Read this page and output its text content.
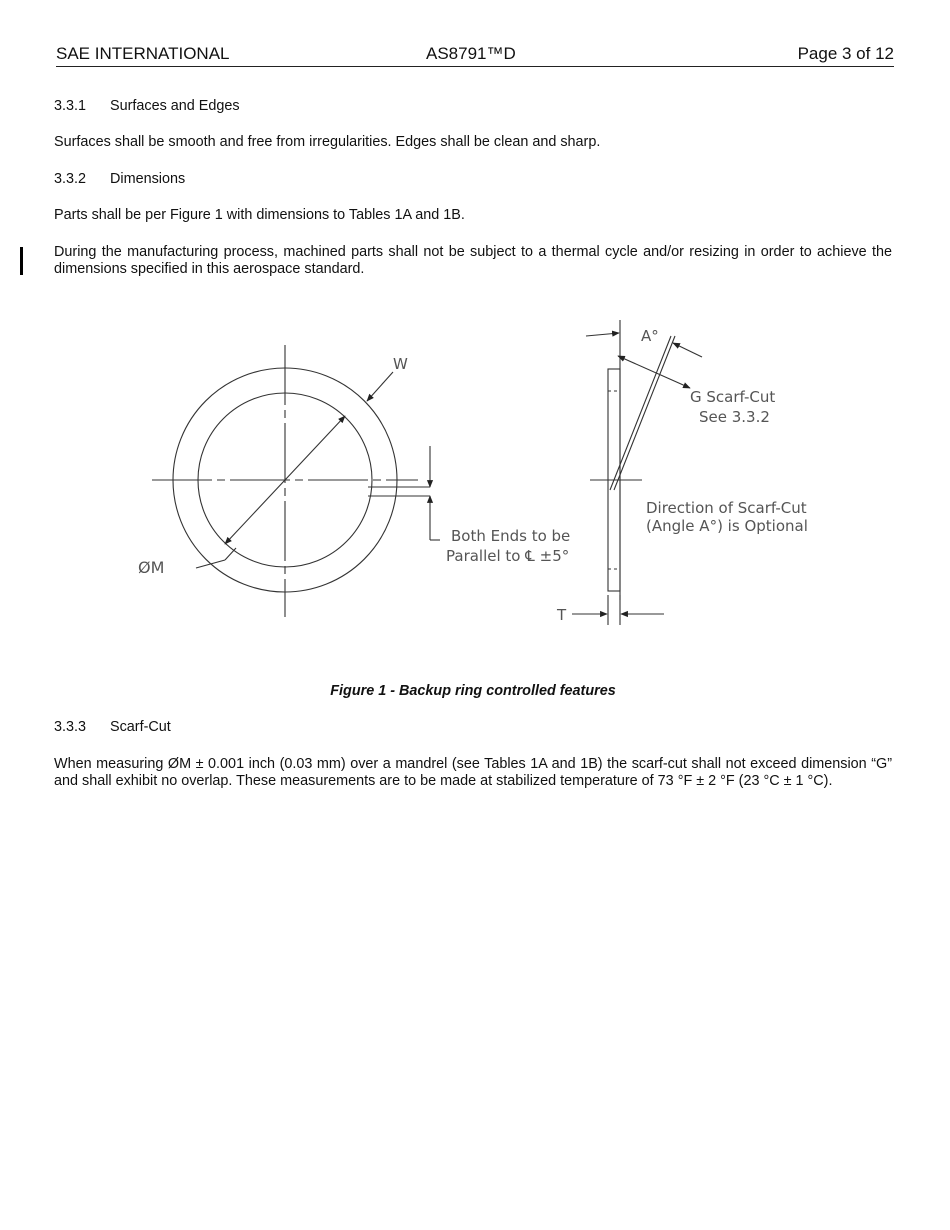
SAE INTERNATIONAL	AS8791™D	Page 3 of 12
3.3.1 Surfaces and Edges

Surfaces shall be smooth and free from irregularities. Edges shall be clean and sharp.

3.3.2 Dimensions

Parts shall be per Figure 1 with dimensions to Tables 1A and 1B.

During the manufacturing process, machined parts shall not be subject to a thermal cycle and/or resizing in order to achieve the dimensions specified in this aerospace standard.

W
ØM
Both Ends to be
Parallel to ℄ ±5°
A°
G Scarf-Cut
See 3.3.2
Direction of Scarf-Cut
(Angle A°) is Optional
T
Figure 1 - Backup ring controlled features
3.3.3 Scarf-Cut

When measuring ØM ± 0.001 inch (0.03 mm) over a mandrel (see Tables 1A and 1B) the scarf-cut shall not exceed dimension “G” and shall exhibit no overlap. These measurements are to be made at stabilized temperature of 73 °F ± 2 °F (23 °C ± 1 °C).
